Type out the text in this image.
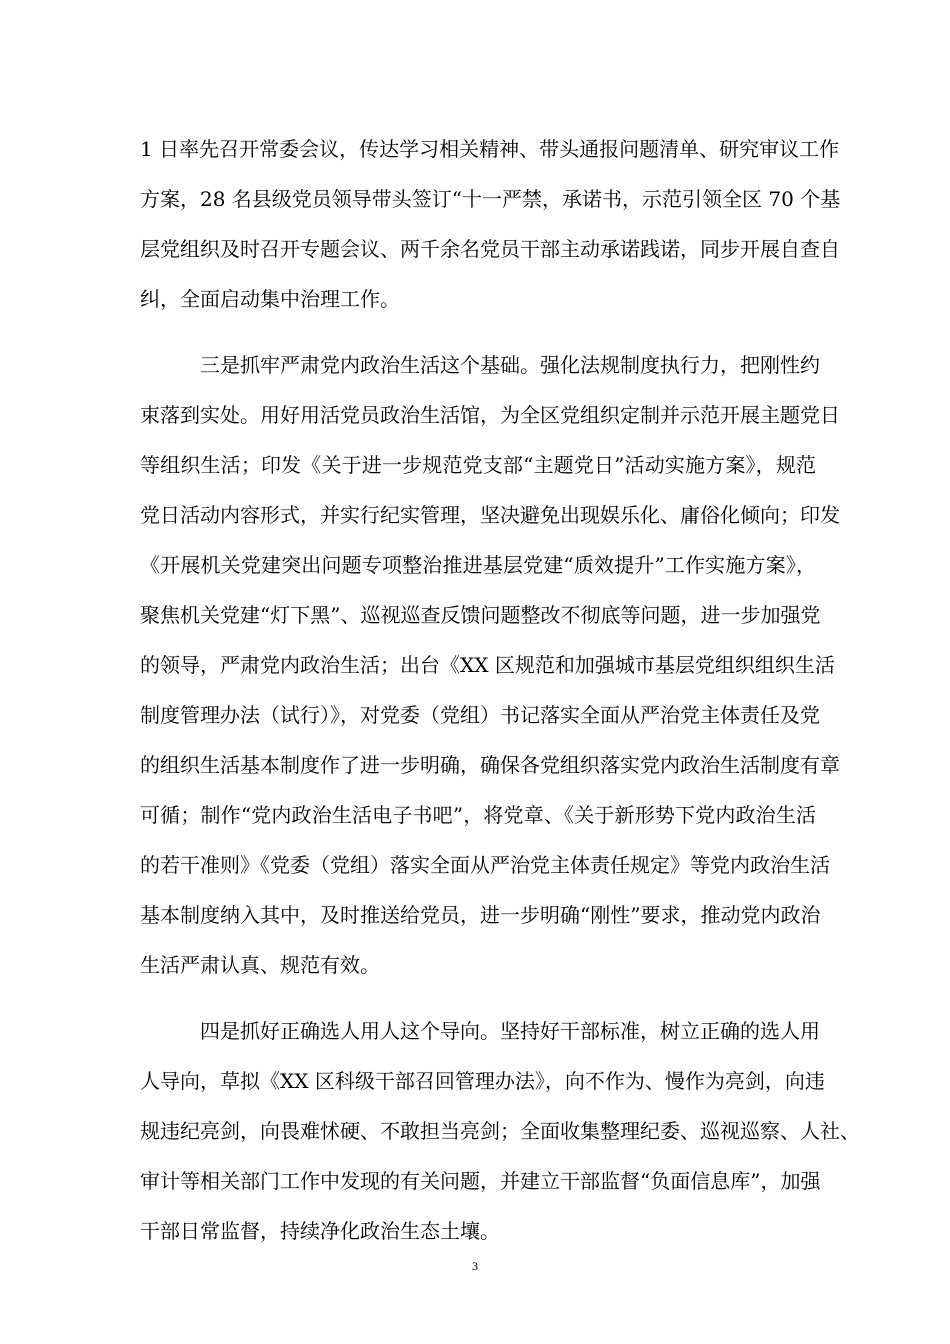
1 日率先召开常委会议，传达学习相关精神、带头通报问题清单、研究审议工作
方案，28 名县级党员领导带头签订“十一严禁，承诺书，示范引领全区 70 个基
层党组织及时召开专题会议、两千余名党员干部主动承诺践诺，同步开展自查自
纠，全面启动集中治理工作。
三是抓牢严肃党内政治生活这个基础。强化法规制度执行力，把刚性约
束落到实处。用好用活党员政治生活馆，为全区党组织定制并示范开展主题党日
等组织生活；印发《关于进一步规范党支部“主题党日”活动实施方案》，规范
党日活动内容形式，并实行纪实管理，坚决避免出现娱乐化、庸俗化倾向；印发
《开展机关党建突出问题专项整治推进基层党建“质效提升”工作实施方案》，
聚焦机关党建“灯下黑”、巡视巡查反馈问题整改不彻底等问题，进一步加强党
的领导，严肃党内政治生活；出台《XX 区规范和加强城市基层党组织组织生活
制度管理办法（试行）》，对党委（党组）书记落实全面从严治党主体责任及党
的组织生活基本制度作了进一步明确，确保各党组织落实党内政治生活制度有章
可循；制作“党内政治生活电子书吧”，将党章、《关于新形势下党内政治生活
的若干准则》《党委（党组）落实全面从严治党主体责任规定》等党内政治生活
基本制度纳入其中，及时推送给党员，进一步明确“刚性”要求，推动党内政治
生活严肃认真、规范有效。
四是抓好正确选人用人这个导向。坚持好干部标准，树立正确的选人用
人导向，草拟《XX 区科级干部召回管理办法》，向不作为、慢作为亮剑，向违
规违纪亮剑，向畏难怵硬、不敢担当亮剑；全面收集整理纪委、巡视巡察、人社、
审计等相关部门工作中发现的有关问题，并建立干部监督“负面信息库”，加强
干部日常监督，持续净化政治生态土壤。
3
